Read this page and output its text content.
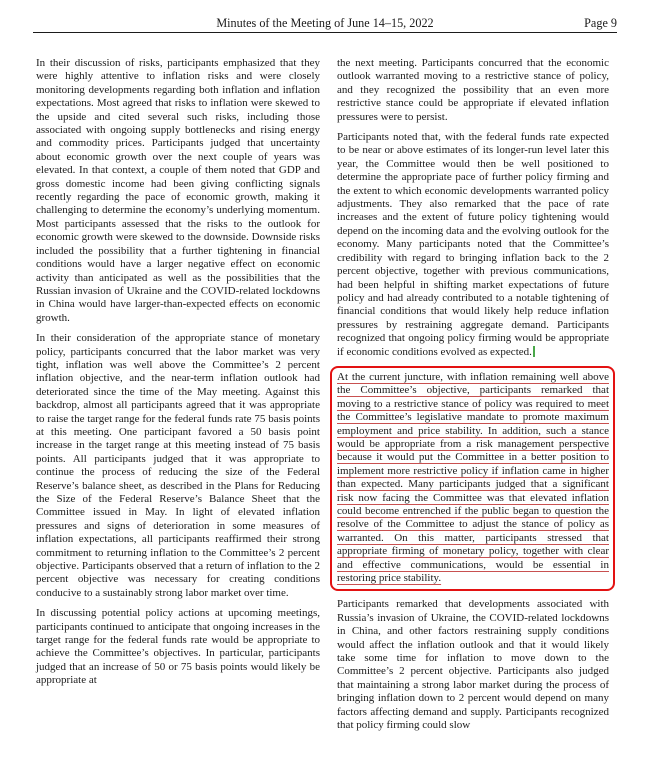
Minutes of the Meeting of June 14–15, 2022	Page 9

In their discussion of risks, participants emphasized that they were highly attentive to inflation risks and were closely monitoring developments regarding both inflation and inflation expectations. Most agreed that risks to inflation were skewed to the upside and cited several such risks, including those associated with ongoing supply bottlenecks and rising energy and commodity prices. Participants judged that uncertainty about economic growth over the next couple of years was elevated. In that context, a couple of them noted that GDP and gross domestic income had been giving conflicting signals recently regarding the pace of economic growth, making it challenging to determine the economy’s underlying momentum. Most participants assessed that the risks to the outlook for economic growth were skewed to the downside. Downside risks included the possibility that a further tightening in financial conditions would have a larger negative effect on economic activity than anticipated as well as the possibilities that the Russian invasion of Ukraine and the COVID-related lockdowns in China would have larger-than-expected effects on economic growth.

In their consideration of the appropriate stance of monetary policy, participants concurred that the labor market was very tight, inflation was well above the Committee’s 2 percent inflation objective, and the near-term inflation outlook had deteriorated since the time of the May meeting. Against this backdrop, almost all participants agreed that it was appropriate to raise the target range for the federal funds rate 75 basis points at this meeting. One participant favored a 50 basis point increase in the target range at this meeting instead of 75 basis points. All participants judged that it was appropriate to continue the process of reducing the size of the Federal Reserve’s balance sheet, as described in the Plans for Reducing the Size of the Federal Reserve’s Balance Sheet that the Committee issued in May. In light of elevated inflation pressures and signs of deterioration in some measures of inflation expectations, all participants reaffirmed their strong commitment to returning inflation to the Committee’s 2 percent objective. Participants observed that a return of inflation to the 2 percent objective was necessary for creating conditions conducive to a sustainably strong labor market over time.

In discussing potential policy actions at upcoming meetings, participants continued to anticipate that ongoing increases in the target range for the federal funds rate would be appropriate to achieve the Committee’s objectives. In particular, participants judged that an increase of 50 or 75 basis points would likely be appropriate at

the next meeting. Participants concurred that the economic outlook warranted moving to a restrictive stance of policy, and they recognized the possibility that an even more restrictive stance could be appropriate if elevated inflation pressures were to persist.

Participants noted that, with the federal funds rate expected to be near or above estimates of its longer-run level later this year, the Committee would then be well positioned to determine the appropriate pace of further policy firming and the extent to which economic developments warranted policy adjustments. They also remarked that the pace of rate increases and the extent of future policy tightening would depend on the incoming data and the evolving outlook for the economy. Many participants noted that the Committee’s credibility with regard to bringing inflation back to the 2 percent objective, together with previous communications, had been helpful in shifting market expectations of future policy and had already contributed to a notable tightening of financial conditions that would likely help reduce inflation pressures by restraining aggregate demand. Participants recognized that ongoing policy firming would be appropriate if economic conditions evolved as expected.

At the current juncture, with inflation remaining well above the Committee’s objective, participants remarked that moving to a restrictive stance of policy was required to meet the Committee’s legislative mandate to promote maximum employment and price stability. In addition, such a stance would be appropriate from a risk management perspective because it would put the Committee in a better position to implement more restrictive policy if inflation came in higher than expected. Many participants judged that a significant risk now facing the Committee was that elevated inflation could become entrenched if the public began to question the resolve of the Committee to adjust the stance of policy as warranted. On this matter, participants stressed that appropriate firming of monetary policy, together with clear and effective communications, would be essential in restoring price stability.

Participants remarked that developments associated with Russia’s invasion of Ukraine, the COVID-related lockdowns in China, and other factors restraining supply conditions would affect the inflation outlook and that it would likely take some time for inflation to move down to the Committee’s 2 percent objective. Participants also judged that maintaining a strong labor market during the process of bringing inflation down to 2 percent would depend on many factors affecting demand and supply. Participants recognized that policy firming could slow
